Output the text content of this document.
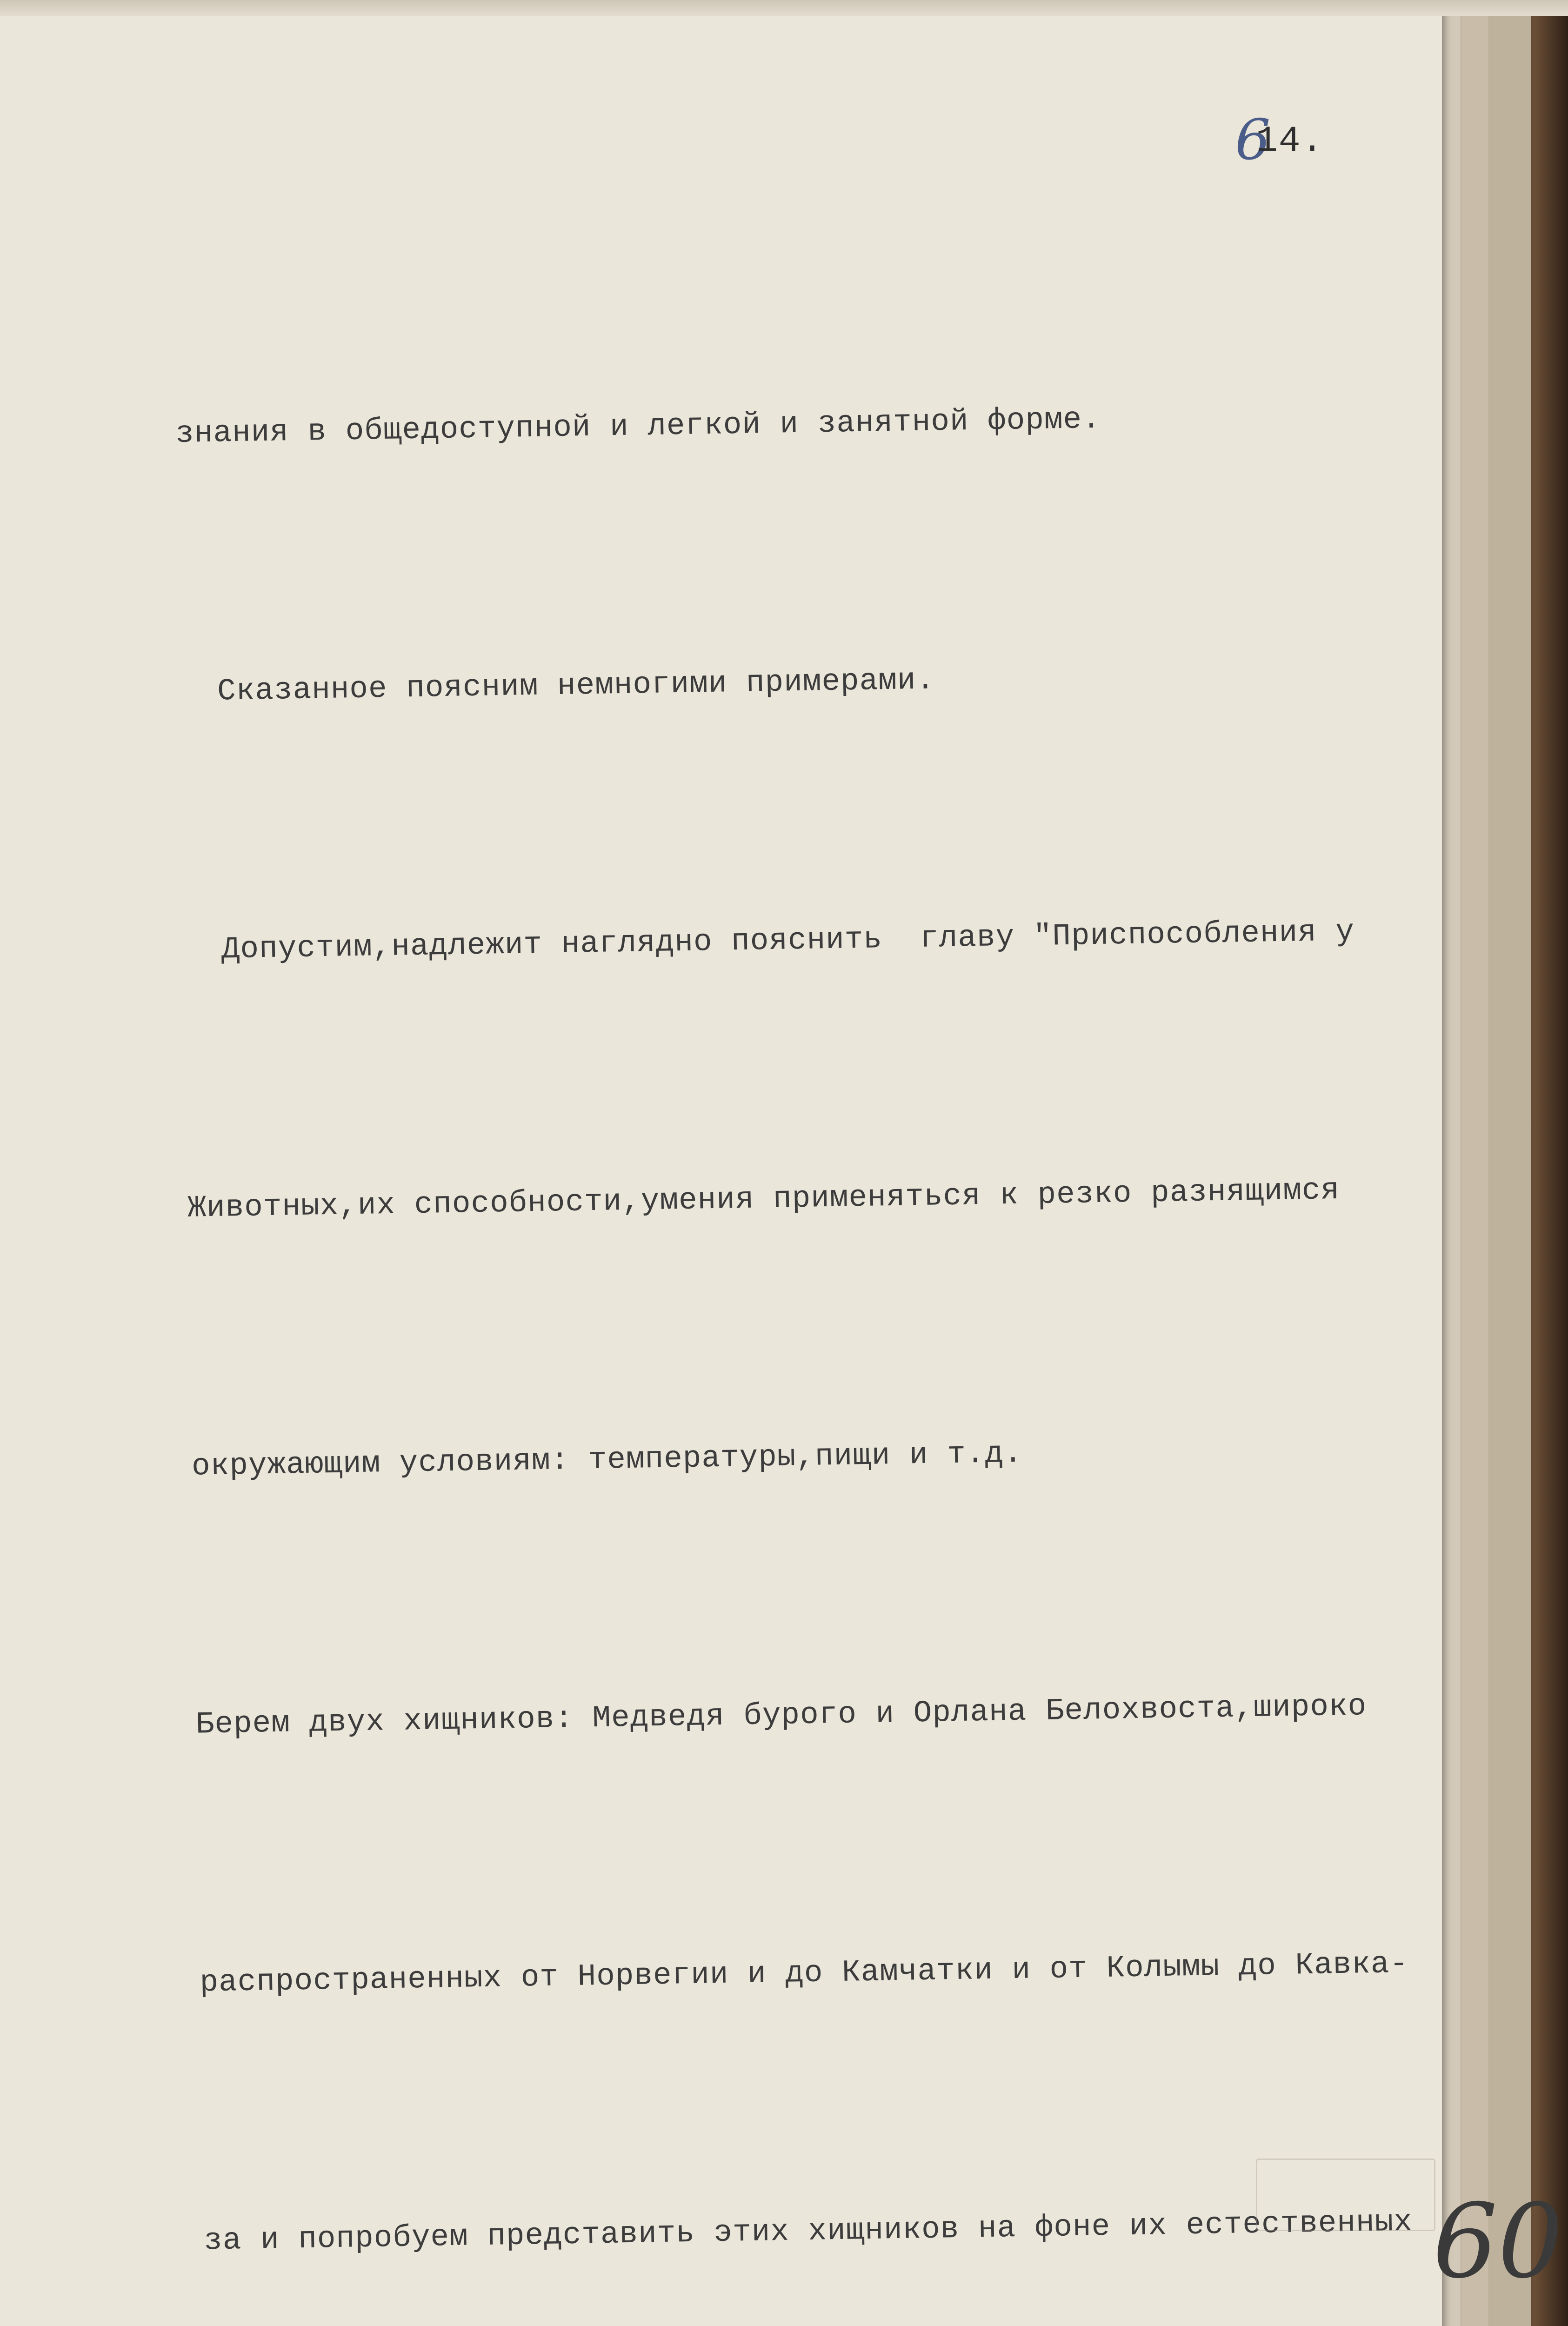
6
14.

знания в общедоступной и легкой и занятной форме.

Сказанное поясним немногими примерами.

Допустим,надлежит наглядно пояснить  главу "Приспособления у

Животных,их способности,умения применяться к резко разнящимся

окружающим условиям: температуры,пищи и т.д.

Берем двух хищников: Медведя бурого и Орлана Белохвоста,широко

распространенных от Норвегии и до Камчатки и от Колымы до Кавка-

за и попробуем представить этих хищников на фоне их естественных

60
